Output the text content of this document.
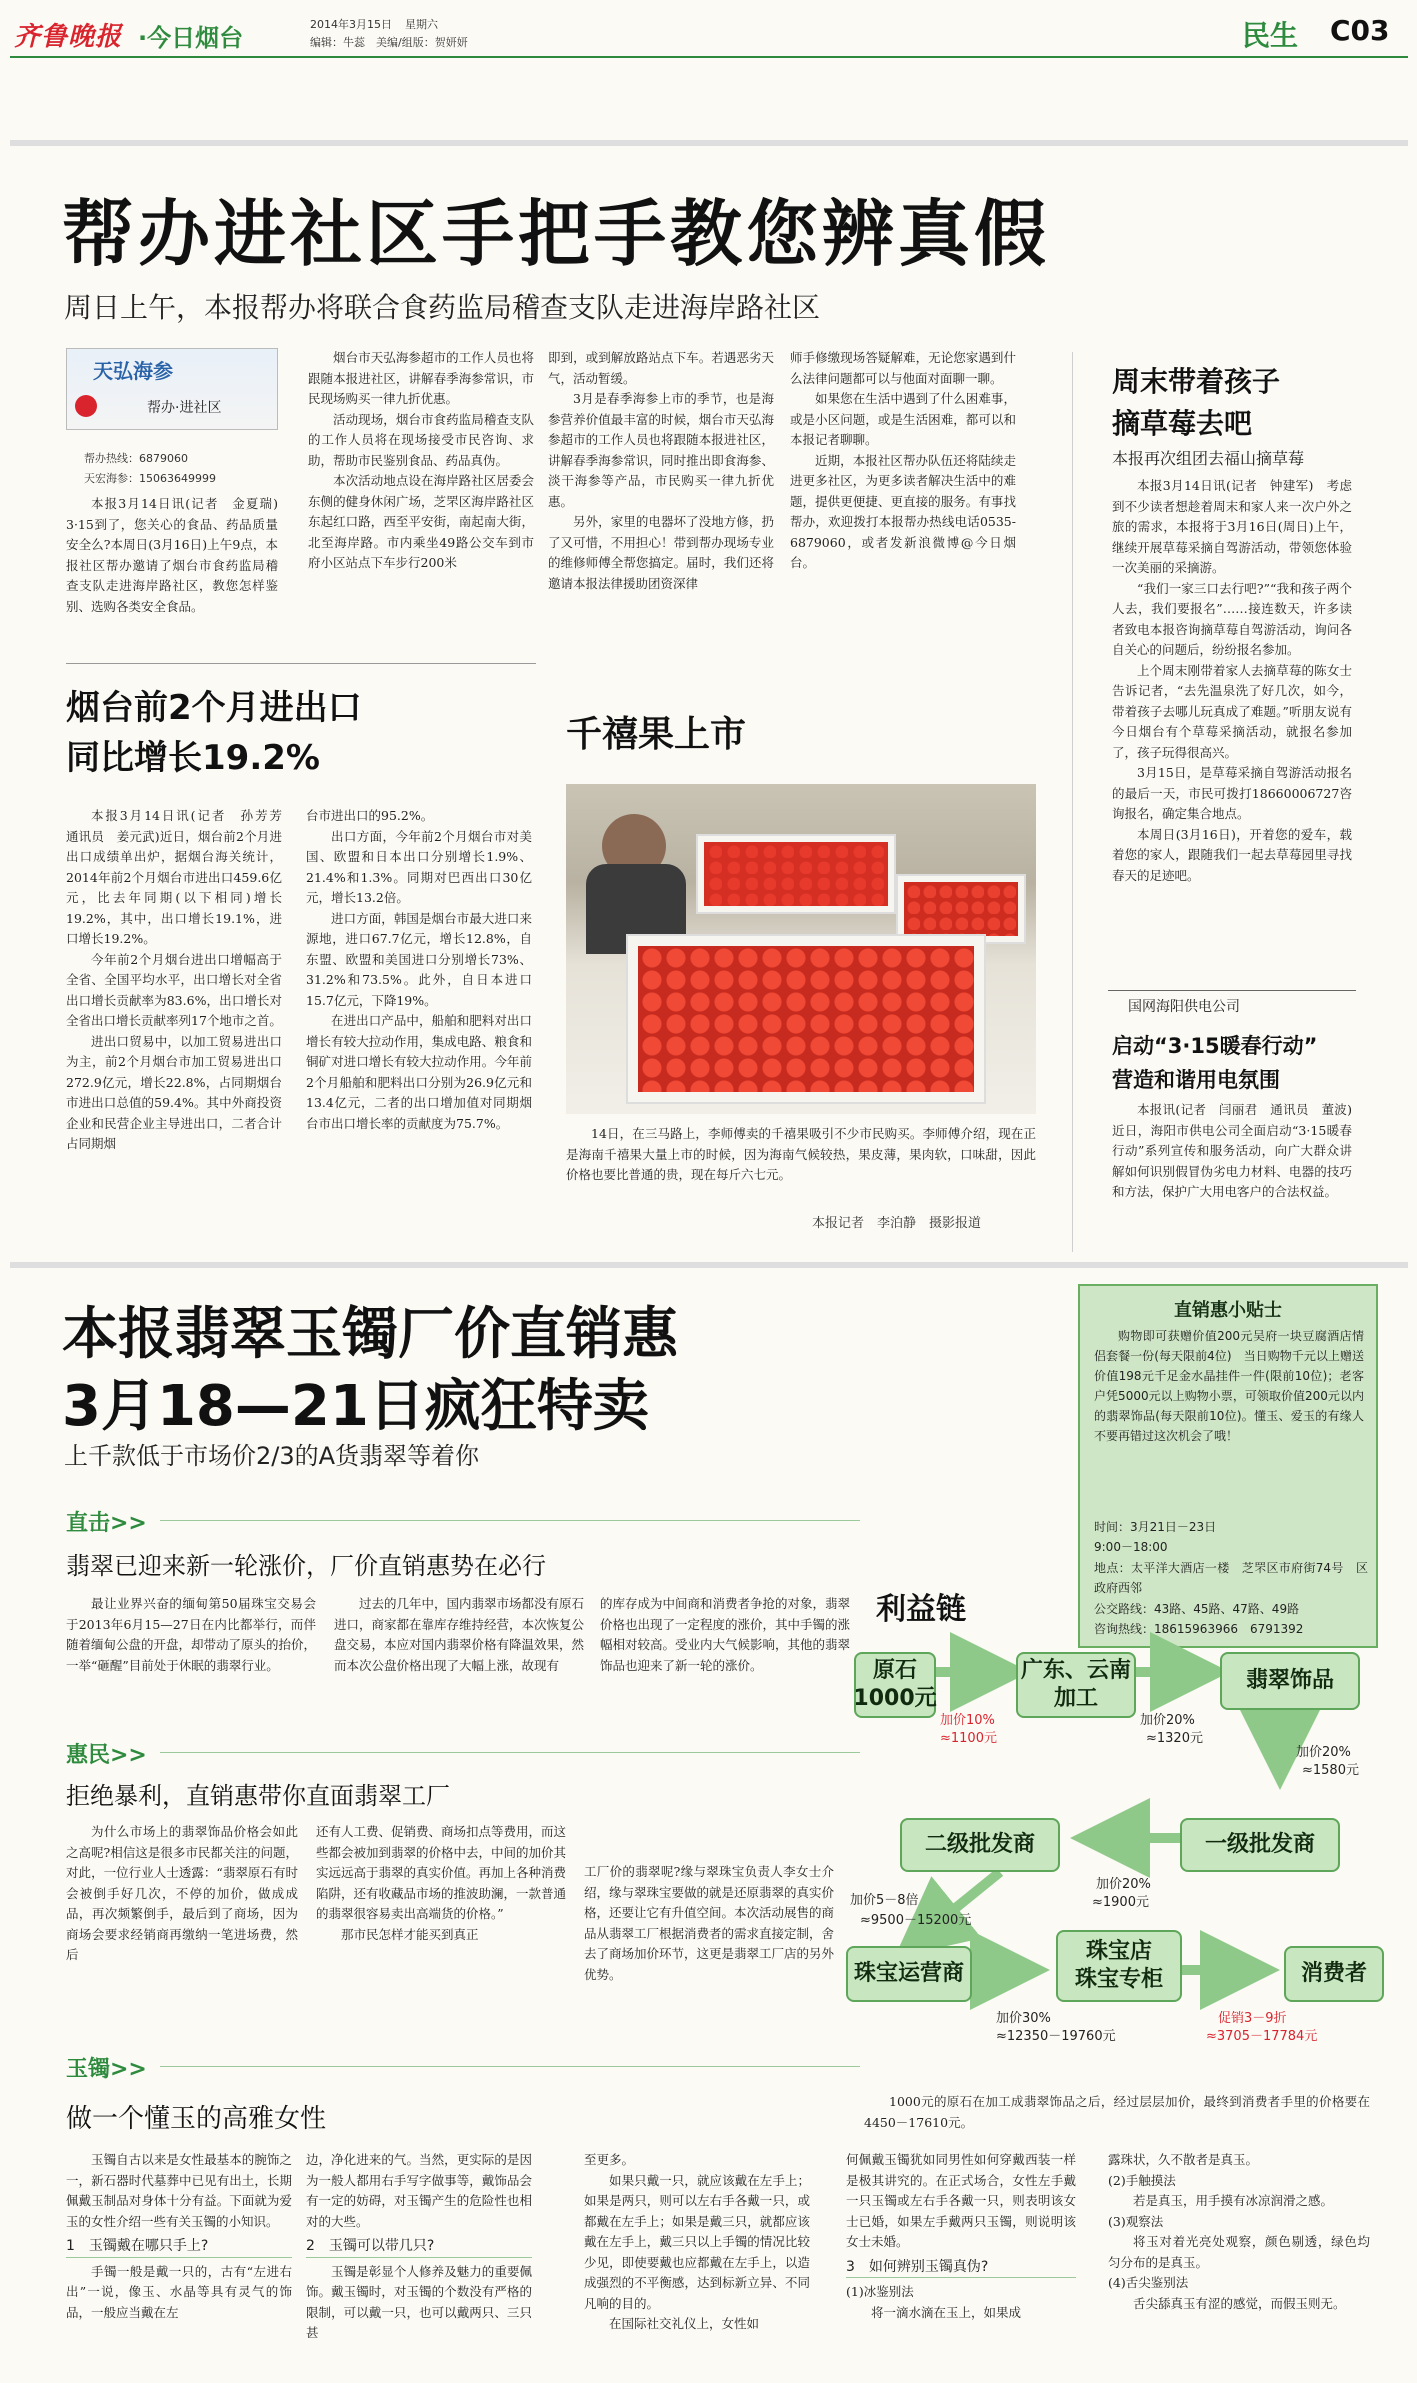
齐鲁晚报 ·今日烟台	2014年3月15日 星期六
编辑：牛蕊　美编/组版：贺妍妍	民生 C03
帮办进社区手把手教您辨真假
周日上午，本报帮办将联合食药监局稽查支队走进海岸路社区
天弘海参
帮办·进社区
帮办热线：6879060
天宏海参：15063649999

本报3月14日讯(记者　金夏瑞)　3·15到了，您关心的食品、药品质量安全么?本周日(3月16日)上午9点，本报社区帮办邀请了烟台市食药监局稽查支队走进海岸路社区，教您怎样鉴别、选购各类安全食品。

烟台市天弘海参超市的工作人员也将跟随本报进社区，讲解春季海参常识，市民现场购买一律九折优惠。

活动现场，烟台市食药监局稽查支队的工作人员将在现场接受市民咨询、求助，帮助市民鉴别食品、药品真伪。

本次活动地点设在海岸路社区居委会东侧的健身休闲广场，芝罘区海岸路社区东起红口路，西至平安街，南起南大街，北至海岸路。市内乘坐49路公交车到市府小区站点下车步行200米

即到，或到解放路站点下车。若遇恶劣天气，活动暂缓。

3月是春季海参上市的季节，也是海参营养价值最丰富的时候，烟台市天弘海参超市的工作人员也将跟随本报进社区，讲解春季海参常识，同时推出即食海参、淡干海参等产品，市民购买一律九折优惠。

另外，家里的电器坏了没地方修，扔了又可惜，不用担心！带到帮办现场专业的维修师傅全帮您搞定。届时，我们还将邀请本报法律援助团资深律

师手修缴现场答疑解难，无论您家遇到什么法律问题都可以与他面对面聊一聊。

如果您在生活中遇到了什么困难事，或是小区问题，或是生活困难，都可以和本报记者聊聊。

近期，本报社区帮办队伍还将陆续走进更多社区，为更多读者解决生活中的难题，提供更便捷、更直接的服务。有事找帮办，欢迎拨打本报帮办热线电话0535-6879060，或者发新浪微博@今日烟台。

周末带着孩子
摘草莓去吧
本报再次组团去福山摘草莓

本报3月14日讯(记者　钟建军)　考虑到不少读者想趁着周末和家人来一次户外之旅的需求，本报将于3月16日(周日)上午，继续开展草莓采摘自驾游活动，带领您体验一次美丽的采摘游。

“我们一家三口去行吧?”“我和孩子两个人去，我们要报名”……接连数天，许多读者致电本报咨询摘草莓自驾游活动，询问各自关心的问题后，纷纷报名参加。

上个周末刚带着家人去摘草莓的陈女士告诉记者，“去先温泉洗了好几次，如今，带着孩子去哪儿玩真成了难题。”听朋友说有今日烟台有个草莓采摘活动，就报名参加了，孩子玩得很高兴。

3月15日，是草莓采摘自驾游活动报名的最后一天，市民可拨打18660006727咨询报名，确定集合地点。

本周日(3月16日)，开着您的爱车，载着您的家人，跟随我们一起去草莓园里寻找春天的足迹吧。

国网海阳供电公司
启动“3·15暖春行动”
营造和谐用电氛围

本报讯(记者　闫丽君　通讯员　董波)　近日，海阳市供电公司全面启动“3·15暖春行动”系列宣传和服务活动，向广大群众讲解如何识别假冒伪劣电力材料、电器的技巧和方法，保护广大用电客户的合法权益。

烟台前2个月进出口
同比增长19.2%

本报3月14日讯(记者　孙芳芳　通讯员　姜元武)近日，烟台前2个月进出口成绩单出炉，据烟台海关统计，2014年前2个月烟台市进出口459.6亿元，比去年同期(以下相同)增长19.2%，其中，出口增长19.1%，进口增长19.2%。

今年前2个月烟台进出口增幅高于全省、全国平均水平，出口增长对全省出口增长贡献率为83.6%，出口增长对全省出口增长贡献率列17个地市之首。

进出口贸易中，以加工贸易进出口为主，前2个月烟台市加工贸易进出口272.9亿元，增长22.8%，占同期烟台市进出口总值的59.4%。其中外商投资企业和民营企业主导进出口，二者合计占同期烟

台市进出口的95.2%。

出口方面，今年前2个月烟台市对美国、欧盟和日本出口分别增长1.9%、21.4%和1.3%。同期对巴西出口30亿元，增长13.2倍。

进口方面，韩国是烟台市最大进口来源地，进口67.7亿元，增长12.8%，自东盟、欧盟和美国进口分别增长73%、31.2%和73.5%。此外，自日本进口15.7亿元，下降19%。

在进出口产品中，船舶和肥料对出口增长有较大拉动作用，集成电路、粮食和铜矿对进口增长有较大拉动作用。今年前2个月船舶和肥料出口分别为26.9亿元和13.4亿元，二者的出口增加值对同期烟台市出口增长率的贡献度为75.7%。

千禧果上市

14日，在三马路上，李师傅卖的千禧果吸引不少市民购买。李师傅介绍，现在正是海南千禧果大量上市的时候，因为海南气候较热，果皮薄，果肉软，口味甜，因此价格也要比普通的贵，现在每斤六七元。

本报记者　李泊静　摄影报道
本报翡翠玉镯厂价直销惠
3月18—21日疯狂特卖
上千款低于市场价2/3的A货翡翠等着你
直销惠小贴士

购物即可获赠价值200元吴府一块豆腐酒店情侣套餐一份(每天限前4位)　当日购物千元以上赠送价值198元千足金水晶挂件一件(限前10位)；老客户凭5000元以上购物小票，可领取价值200元以内的翡翠饰品(每天限前10位)。懂玉、爱玉的有缘人不要再错过这次机会了哦！

时间：3月21日－23日
9:00－18:00

地点：太平洋大酒店一楼　芝罘区市府街74号　区政府西邻

公交路线：43路、45路、47路、49路
咨询热线：18615963966　6791392
直击>>
翡翠已迎来新一轮涨价，厂价直销惠势在必行

最让业界兴奋的缅甸第50届珠宝交易会于2013年6月15—27日在内比都举行，而伴随着缅甸公盘的开盘，却带动了原头的抬价，一举“砸醒”目前处于休眠的翡翠行业。

过去的几年中，国内翡翠市场都没有原石进口，商家都在靠库存维持经营，本次恢复公盘交易，本应对国内翡翠价格有降温效果，然而本次公盘价格出现了大幅上涨，故现有

的库存成为中间商和消费者争抢的对象，翡翠价格也出现了一定程度的涨价，其中手镯的涨幅相对较高。受业内大气候影响，其他的翡翠饰品也迎来了新一轮的涨价。

惠民>>
拒绝暴利，直销惠带你直面翡翠工厂

为什么市场上的翡翠饰品价格会如此之高呢?相信这是很多市民都关注的问题，对此，一位行业人士透露：“翡翠原石有时会被倒手好几次，不停的加价，做成成品，再次频繁倒手，最后到了商场，因为商场会要求经销商再缴纳一笔进场费，然后

还有人工费、促销费、商场扣点等费用，而这些都会被加到翡翠的价格中去，中间的加价其实远远高于翡翠的真实价值。再加上各种消费陷阱，还有收藏品市场的推波助澜，一款普通的翡翠很容易卖出高端货的价格。”

那市民怎样才能买到真正

工厂价的翡翠呢?缘与翠珠宝负责人李女士介绍，缘与翠珠宝要做的就是还原翡翠的真实价格，还要让它有升值空间。本次活动展售的商品从翡翠工厂根据消费者的需求直接定制，舍去了商场加价环节，这更是翡翠工厂店的另外优势。

利益链
原石
1000元
广东、云南
加工
翡翠饰品
一级批发商
二级批发商
珠宝运营商
珠宝店
珠宝专柜	消费者
加价10%
≈1100元
加价20%
≈1320元
加价20%
≈1580元
加价20%
≈1900元
加价5－8倍
≈9500－15200元
加价30%
≈12350－19760元
促销3－9折
≈3705－17784元

1000元的原石在加工成翡翠饰品之后，经过层层加价，最终到消费者手里的价格要在4450－17610元。

玉镯>>
做一个懂玉的高雅女性

玉镯自古以来是女性最基本的腕饰之一，新石器时代墓葬中已见有出土，长期佩戴玉制品对身体十分有益。下面就为爱玉的女性介绍一些有关玉镯的小知识。

1　玉镯戴在哪只手上?

手镯一般是戴一只的，古有“左进右出”一说，像玉、水晶等具有灵气的饰品，一般应当戴在左

边，净化进来的气。当然，更实际的是因为一般人都用右手写字做事等，戴饰品会有一定的妨碍，对玉镯产生的危险性也相对的大些。

2　玉镯可以带几只?

玉镯是彰显个人修养及魅力的重要佩饰。戴玉镯时，对玉镯的个数没有严格的限制，可以戴一只，也可以戴两只、三只甚

至更多。

如果只戴一只，就应该戴在左手上；如果是两只，则可以左右手各戴一只，或都戴在左手上；如果是戴三只，就都应该戴在左手上，戴三只以上手镯的情况比较少见，即使要戴也应都戴在左手上，以造成强烈的不平衡感，达到标新立异、不同凡响的目的。

在国际社交礼仪上，女性如

何佩戴玉镯犹如同男性如何穿戴西装一样是极其讲究的。在正式场合，女性左手戴一只玉镯或左右手各戴一只，则表明该女士已婚，如果左手戴两只玉镯，则说明该女士未婚。

3　如何辨别玉镯真伪?

(1)冰鉴别法

将一滴水滴在玉上，如果成

露珠状，久不散者是真玉。

(2)手触摸法

若是真玉，用手摸有冰凉润滑之感。

(3)观察法

将玉对着光亮处观察，颜色剔透，绿色均匀分布的是真玉。

(4)舌尖鉴别法

舌尖舔真玉有涩的感觉，而假玉则无。
